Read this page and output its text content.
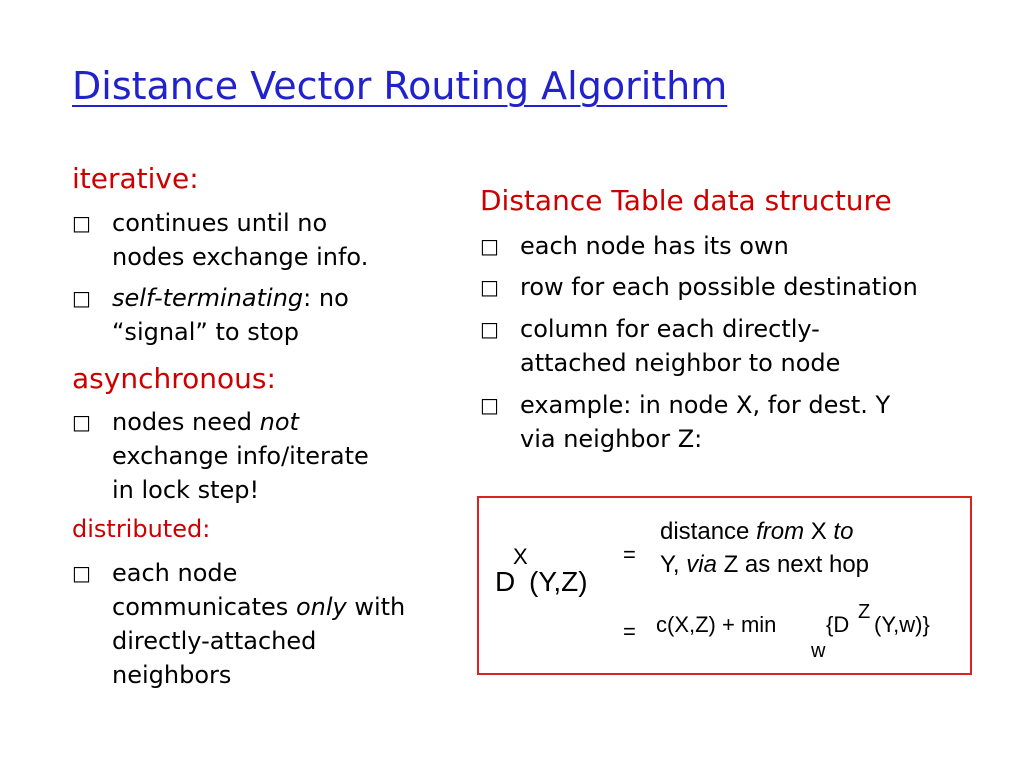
Distance Vector Routing Algorithm
iterative:
□ continues until no
nodes exchange info.
□ self-terminating: no
“signal” to stop
asynchronous:
□ nodes need not
exchange info/iterate
in lock step!
distributed:
□ each node
communicates only with
directly-attached
neighbors
Distance Table data structure
□ each node has its own
□ row for each possible destination
□ column for each directly-
attached neighbor to node
□ example: in node X, for dest. Y
via neighbor Z:
X
D (Y,Z)
=
distance from X to
Y, via Z as next hop
= c(X,Z) + min {D Z (Y,w)}
w
